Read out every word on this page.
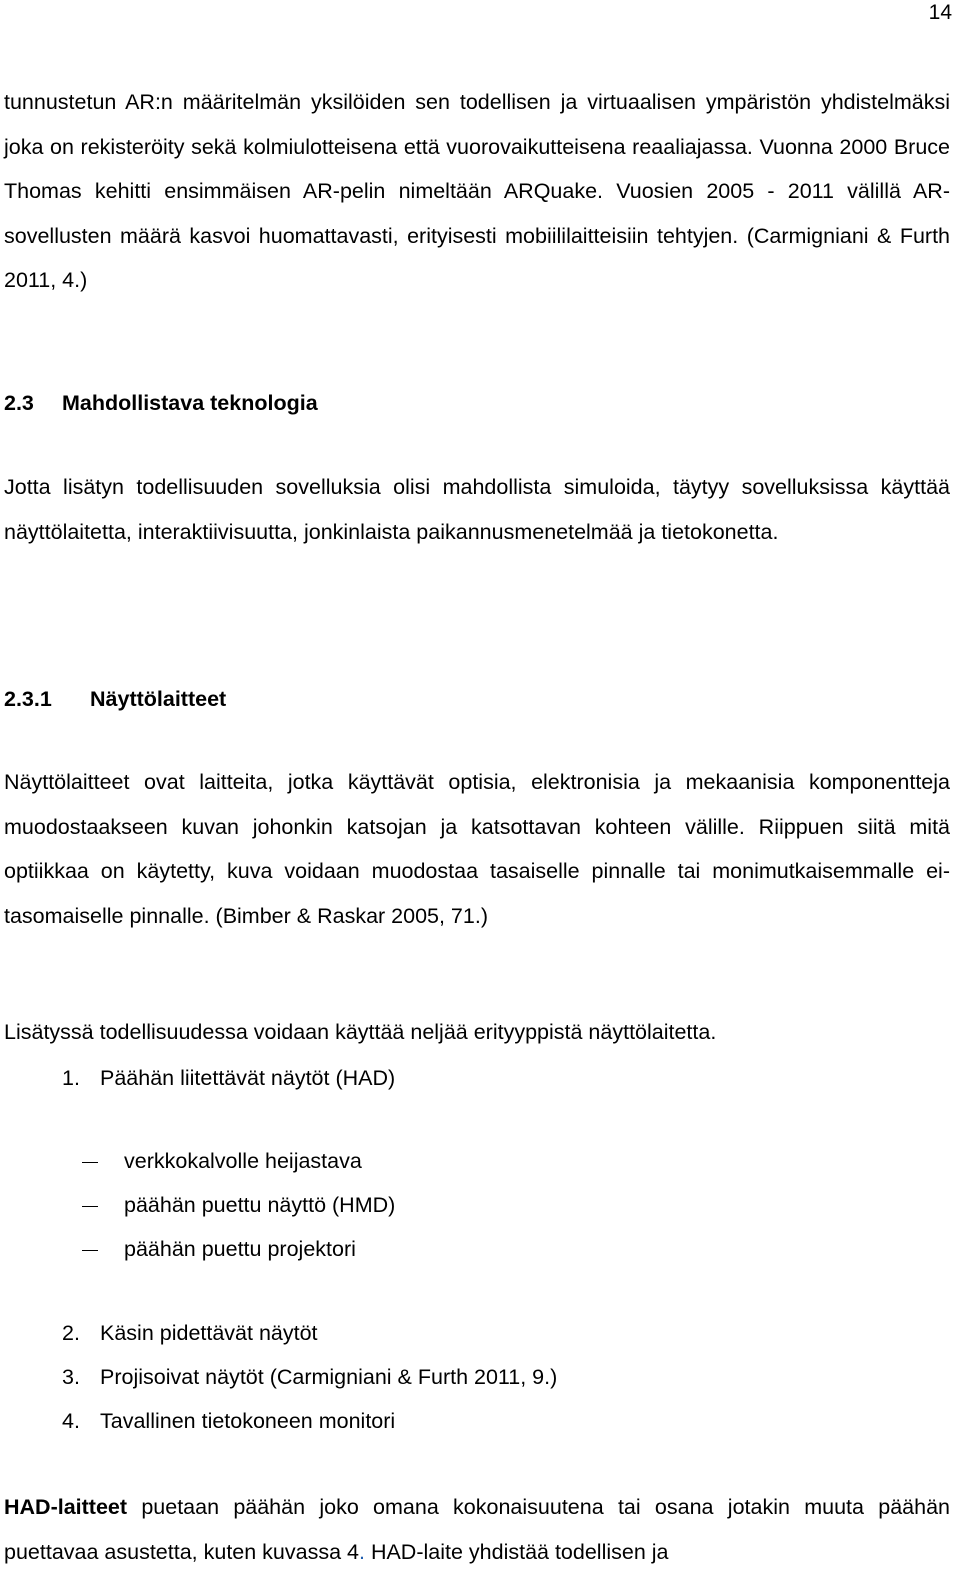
14

tunnustetun AR:n määritelmän yksilöiden sen todellisen ja virtuaalisen ympäristön yhdistelmäksi joka on rekisteröity sekä kolmiulotteisena että vuorovaikutteisena reaaliajassa. Vuonna 2000 Bruce Thomas kehitti ensimmäisen AR-pelin nimeltään ARQuake. Vuosien 2005 - 2011 välillä AR-sovellusten määrä kasvoi huomattavasti, erityisesti mobiililaitteisiin tehtyjen. (Carmigniani & Furth 2011, 4.)

2.3 Mahdollistava teknologia

Jotta lisätyn todellisuuden sovelluksia olisi mahdollista simuloida, täytyy sovelluksissa käyttää näyttölaitetta, interaktiivisuutta, jonkinlaista paikannusmenetelmää ja tietokonetta.

2.3.1 Näyttölaitteet

Näyttölaitteet ovat laitteita, jotka käyttävät optisia, elektronisia ja mekaanisia komponentteja muodostaakseen kuvan johonkin katsojan ja katsottavan kohteen välille. Riippuen siitä mitä optiikkaa on käytetty, kuva voidaan muodostaa tasaiselle pinnalle tai monimutkaisemmalle ei-tasomaiselle pinnalle. (Bimber & Raskar 2005, 71.)

Lisätyssä todellisuudessa voidaan käyttää neljää erityyppistä näyttölaitetta.

1. Päähän liitettävät näytöt (HAD)
verkkokalvolle heijastava
päähän puettu näyttö (HMD)
päähän puettu projektori
2. Käsin pidettävät näytöt
3. Projisoivat näytöt (Carmigniani & Furth 2011, 9.)
4. Tavallinen tietokoneen monitori

HAD-laitteet puetaan päähän joko omana kokonaisuutena tai osana jotakin muuta päähän puettavaa asustetta, kuten kuvassa 4. HAD-laite yhdistää todellisen ja
